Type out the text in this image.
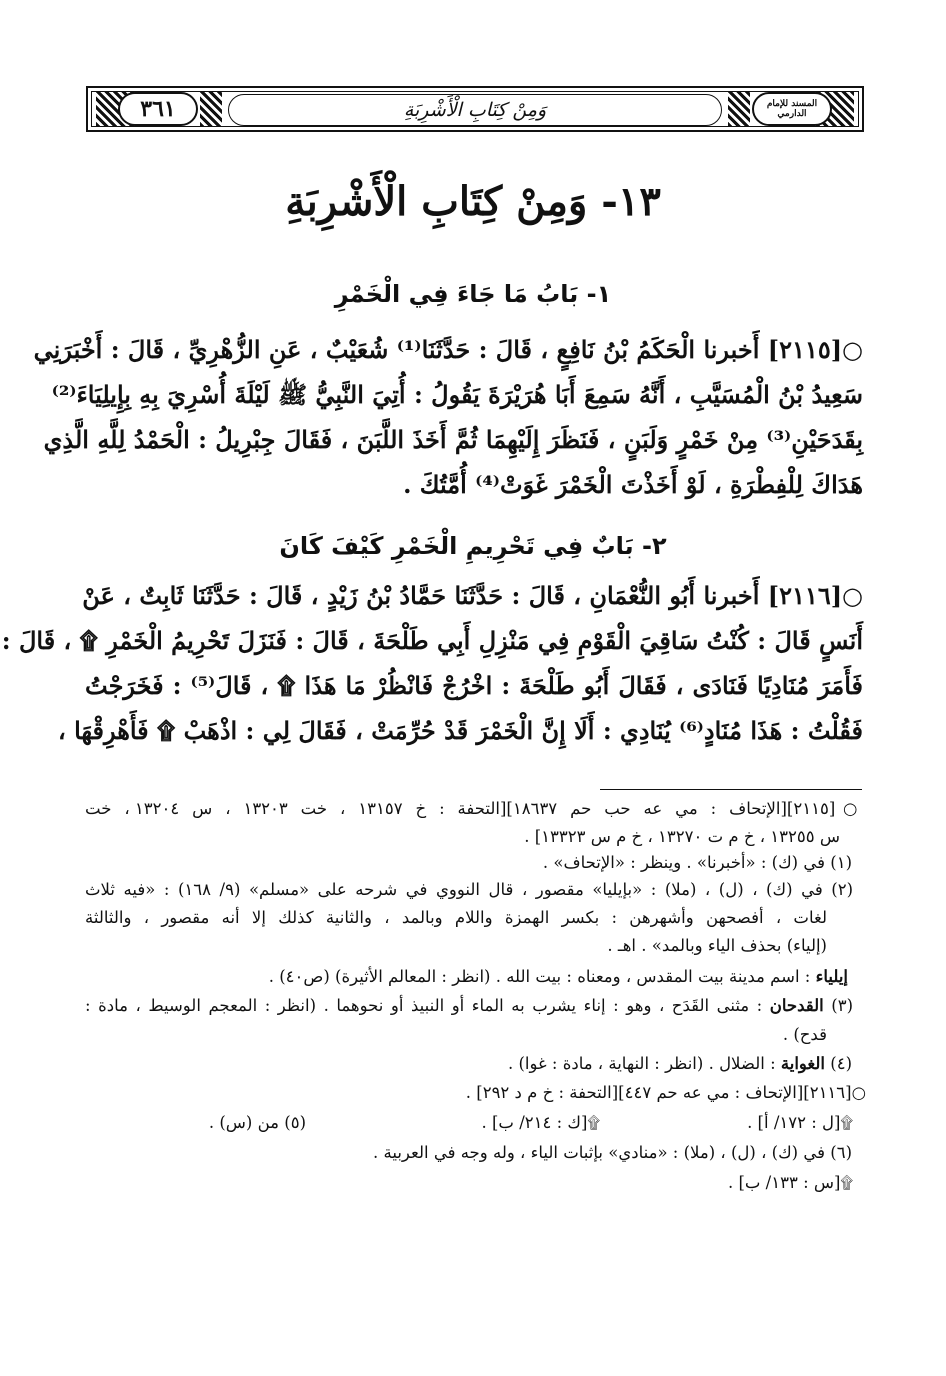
٣٦١	المسند للإمام الدارمي
وَمِنْ كِتَابِ الْأَشْرِبَةِ
١٣- وَمِنْ كِتَابِ الْأَشْرِبَةِ
١- بَابُ مَا جَاءَ فِي الْخَمْرِ
○[٢١١٥] أَخبرنا الْحَكَمُ بْنُ نَافِعٍ ، قَالَ : حَدَّثَنَا⁽¹⁾ شُعَيْبٌ ، عَنِ الزُّهْرِيِّ ، قَالَ : أَخْبَرَنِي
سَعِيدُ بْنُ الْمُسَيَّبِ ، أَنَّهُ سَمِعَ أَبَا هُرَيْرَةَ يَقُولُ : أُتِيَ النَّبِيُّ ﷺ لَيْلَةَ أُسْرِيَ بِهِ بِإِيلِيَاءَ⁽²⁾
بِقَدَحَيْنِ⁽³⁾ مِنْ خَمْرٍ وَلَبَنٍ ، فَنَظَرَ إِلَيْهِمَا ثُمَّ أَخَذَ اللَّبَنَ ، فَقَالَ جِبْرِيلُ : الْحَمْدُ لِلَّهِ الَّذِي
هَدَاكَ لِلْفِطْرَةِ ، لَوْ أَخَذْتَ الْخَمْرَ غَوَتْ⁽⁴⁾ أُمَّتُكَ .
٢- بَابٌ فِي تَحْرِيمِ الْخَمْرِ كَيْفَ كَانَ
○[٢١١٦] أَخبرنا أَبُو النُّعْمَانِ ، قَالَ : حَدَّثَنَا حَمَّادُ بْنُ زَيْدٍ ، قَالَ : حَدَّثَنَا ثَابِتٌ ، عَنْ
أَنَسٍ قَالَ : كُنْتُ سَاقِيَ الْقَوْمِ فِي مَنْزِلِ أَبِي طَلْحَةَ ، قَالَ : فَنَزَلَ تَحْرِيمُ الْخَمْرِ ۩ ، قَالَ :
فَأَمَرَ مُنَادِيًا فَنَادَى ، فَقَالَ أَبُو طَلْحَةَ : اخْرُجْ فَانْظُرْ مَا هَذَا ۩ ، قَالَ⁽⁵⁾ : فَخَرَجْتُ
فَقُلْتُ : هَذَا مُنَادٍ⁽⁶⁾ يُنَادِي : أَلَا إِنَّ الْخَمْرَ قَدْ حُرِّمَتْ ، فَقَالَ لِي : اذْهَبْ ۩ فَأَهْرِقْهَا ،
○[٢١١٥][الإتحاف : مي عه حب حم ١٨٦٣٧][التحفة : خ ١٣١٥٧ ، خت ١٣٢٠٣ ، س ١٣٢٠٤ ، خت
س ١٣٢٥٥ ، خ م ت ١٣٢٧٠ ، خ م س ١٣٣٢٣] .
(١) في (ك) : «أخبرنا» . وينظر : «الإتحاف» .
(٢) في (ك) ، (ل) ، (ملا) : «بإيليا» مقصور ، قال النووي في شرحه على «مسلم» (٩/ ١٦٨) : «فيه ثلاث
لغات ، أفصحهن وأشهرهن : بكسر الهمزة واللام وبالمد ، والثانية كذلك إلا أنه مقصور ، والثالثة
(إلياء) بحذف الياء وبالمد» . اهـ .
إيلياء : اسم مدينة بيت المقدس ، ومعناه : بيت الله . (انظر : المعالم الأثيرة) (ص٤٠) .
(٣) القدحان : مثنى القَدَح ، وهو : إناء يشرب به الماء أو النبيذ أو نحوهما . (انظر : المعجم الوسيط ، مادة :
قدح) .
(٤) الغواية : الضلال . (انظر : النهاية ، مادة : غوا) .
○[٢١١٦][الإتحاف : مي عه حم ٤٤٧][التحفة : خ م د ٢٩٢] .
۩[ل : ١٧٢/ أ] .
۩[ك : ٢١٤/ ب] .
(٥) من (س) .
(٦) في (ك) ، (ل) ، (ملا) : «منادي» بإثبات الياء ، وله وجه في العربية .
۩[س : ١٣٣/ ب] .
